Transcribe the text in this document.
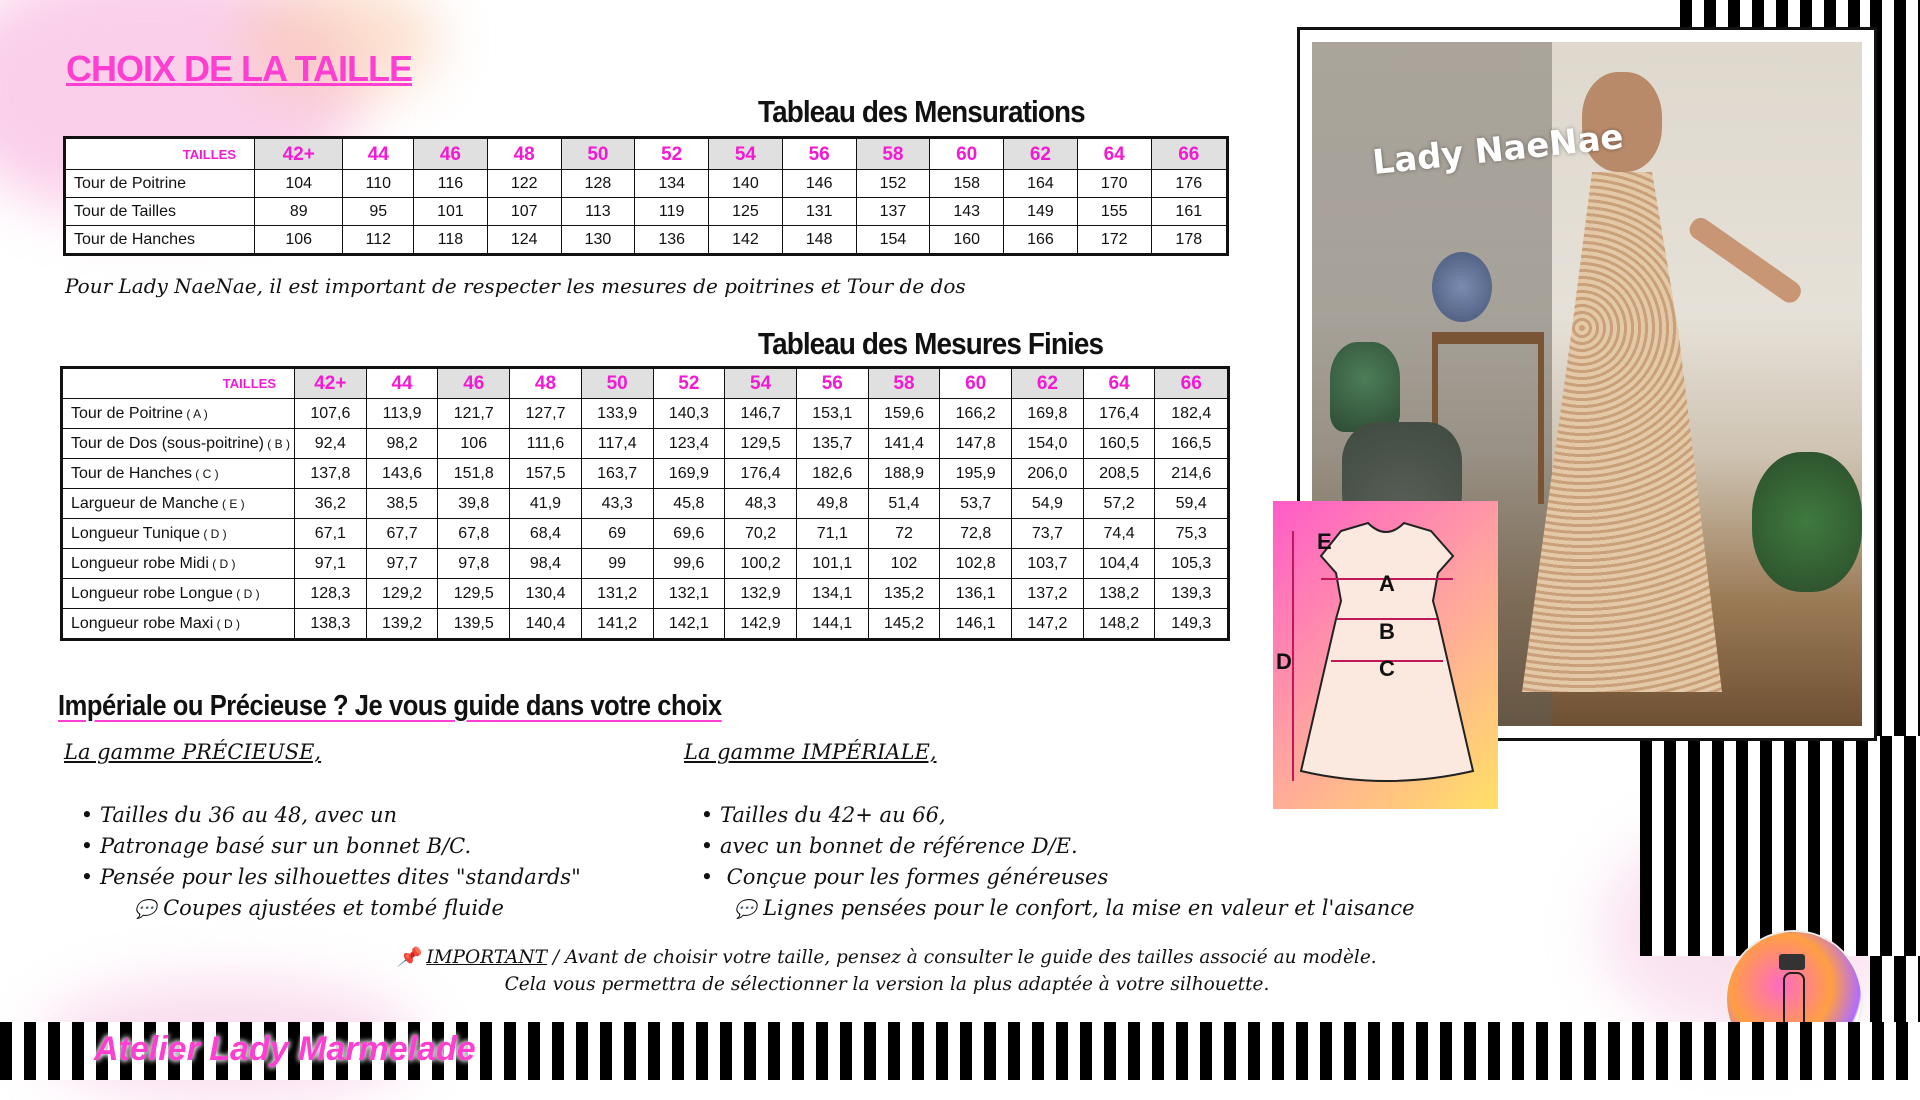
CHOIX DE LA TAILLE
Tableau des Mensurations
TAILLES	42+	44	46	48	50	52	54	56	58	60	62	64	66
Tour de Poitrine	104	110	116	122	128	134	140	146	152	158	164	170	176
Tour de Tailles	89	95	101	107	113	119	125	131	137	143	149	155	161
Tour de Hanches	106	112	118	124	130	136	142	148	154	160	166	172	178
Pour Lady NaeNae, il est important de respecter les mesures de poitrines et Tour de dos
Tableau des Mesures Finies
TAILLES	42+	44	46	48	50	52	54	56	58	60	62	64	66
Tour de Poitrine ( A )	107,6	113,9	121,7	127,7	133,9	140,3	146,7	153,1	159,6	166,2	169,8	176,4	182,4
Tour de Dos (sous-poitrine) ( B )	92,4	98,2	106	111,6	117,4	123,4	129,5	135,7	141,4	147,8	154,0	160,5	166,5
Tour de Hanches ( C )	137,8	143,6	151,8	157,5	163,7	169,9	176,4	182,6	188,9	195,9	206,0	208,5	214,6
Largueur de Manche ( E )	36,2	38,5	39,8	41,9	43,3	45,8	48,3	49,8	51,4	53,7	54,9	57,2	59,4
Longueur Tunique ( D )	67,1	67,7	67,8	68,4	69	69,6	70,2	71,1	72	72,8	73,7	74,4	75,3
Longueur robe Midi ( D )	97,1	97,7	97,8	98,4	99	99,6	100,2	101,1	102	102,8	103,7	104,4	105,3
Longueur robe Longue ( D )	128,3	129,2	129,5	130,4	131,2	132,1	132,9	134,1	135,2	136,1	137,2	138,2	139,3
Longueur robe Maxi ( D )	138,3	139,2	139,5	140,4	141,2	142,1	142,9	144,1	145,2	146,1	147,2	148,2	149,3
Impériale ou Précieuse ? Je vous guide dans votre choix
La gamme PRÉCIEUSE,
• Tailles du 36 au 48, avec un
• Patronage basé sur un bonnet B/C.
• Pensée pour les silhouettes dites "standards"
💬 Coupes ajustées et tombé fluide
La gamme IMPÉRIALE,
• Tailles du 42+ au 66,
• avec un bonnet de référence D/E.
• Conçue pour les formes généreuses
💬 Lignes pensées pour le confort, la mise en valeur et l'aisance
📌 IMPORTANT / Avant de choisir votre taille, pensez à consulter le guide des tailles associé au modèle.
Cela vous permettra de sélectionner la version la plus adaptée à votre silhouette.
Lady NaeNae
E
A
B
C
D
Atelier Lady Marmelade
